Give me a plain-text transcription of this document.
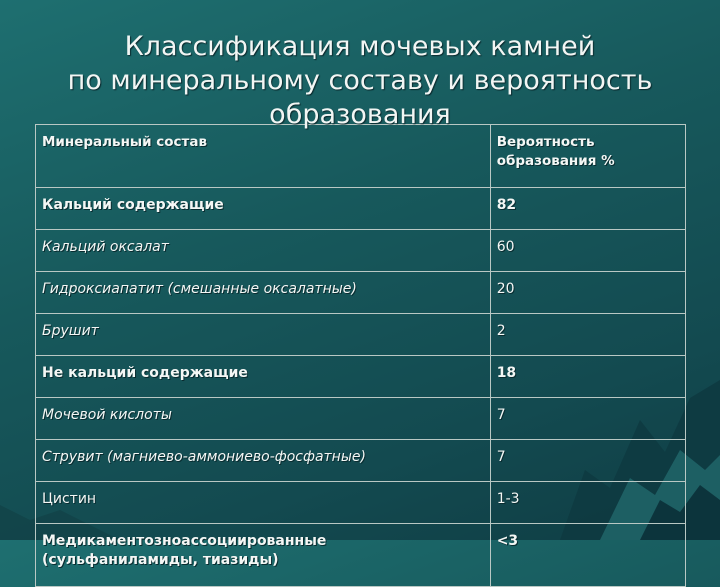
Классификация мочевых камней
по минеральному составу и вероятность
образования
Минеральный состав	Вероятность образования %
Кальций содержащие	82
Кальций оксалат	60
Гидроксиапатит (смешанные оксалатные)	20
Брушит	2
Не кальций содержащие	18
Мочевой кислоты	7
Струвит (магниево-аммониево-фосфатные)	7
Цистин	1-3
Медикаментозноассоциированные (сульфаниламиды, тиазиды)	<3
